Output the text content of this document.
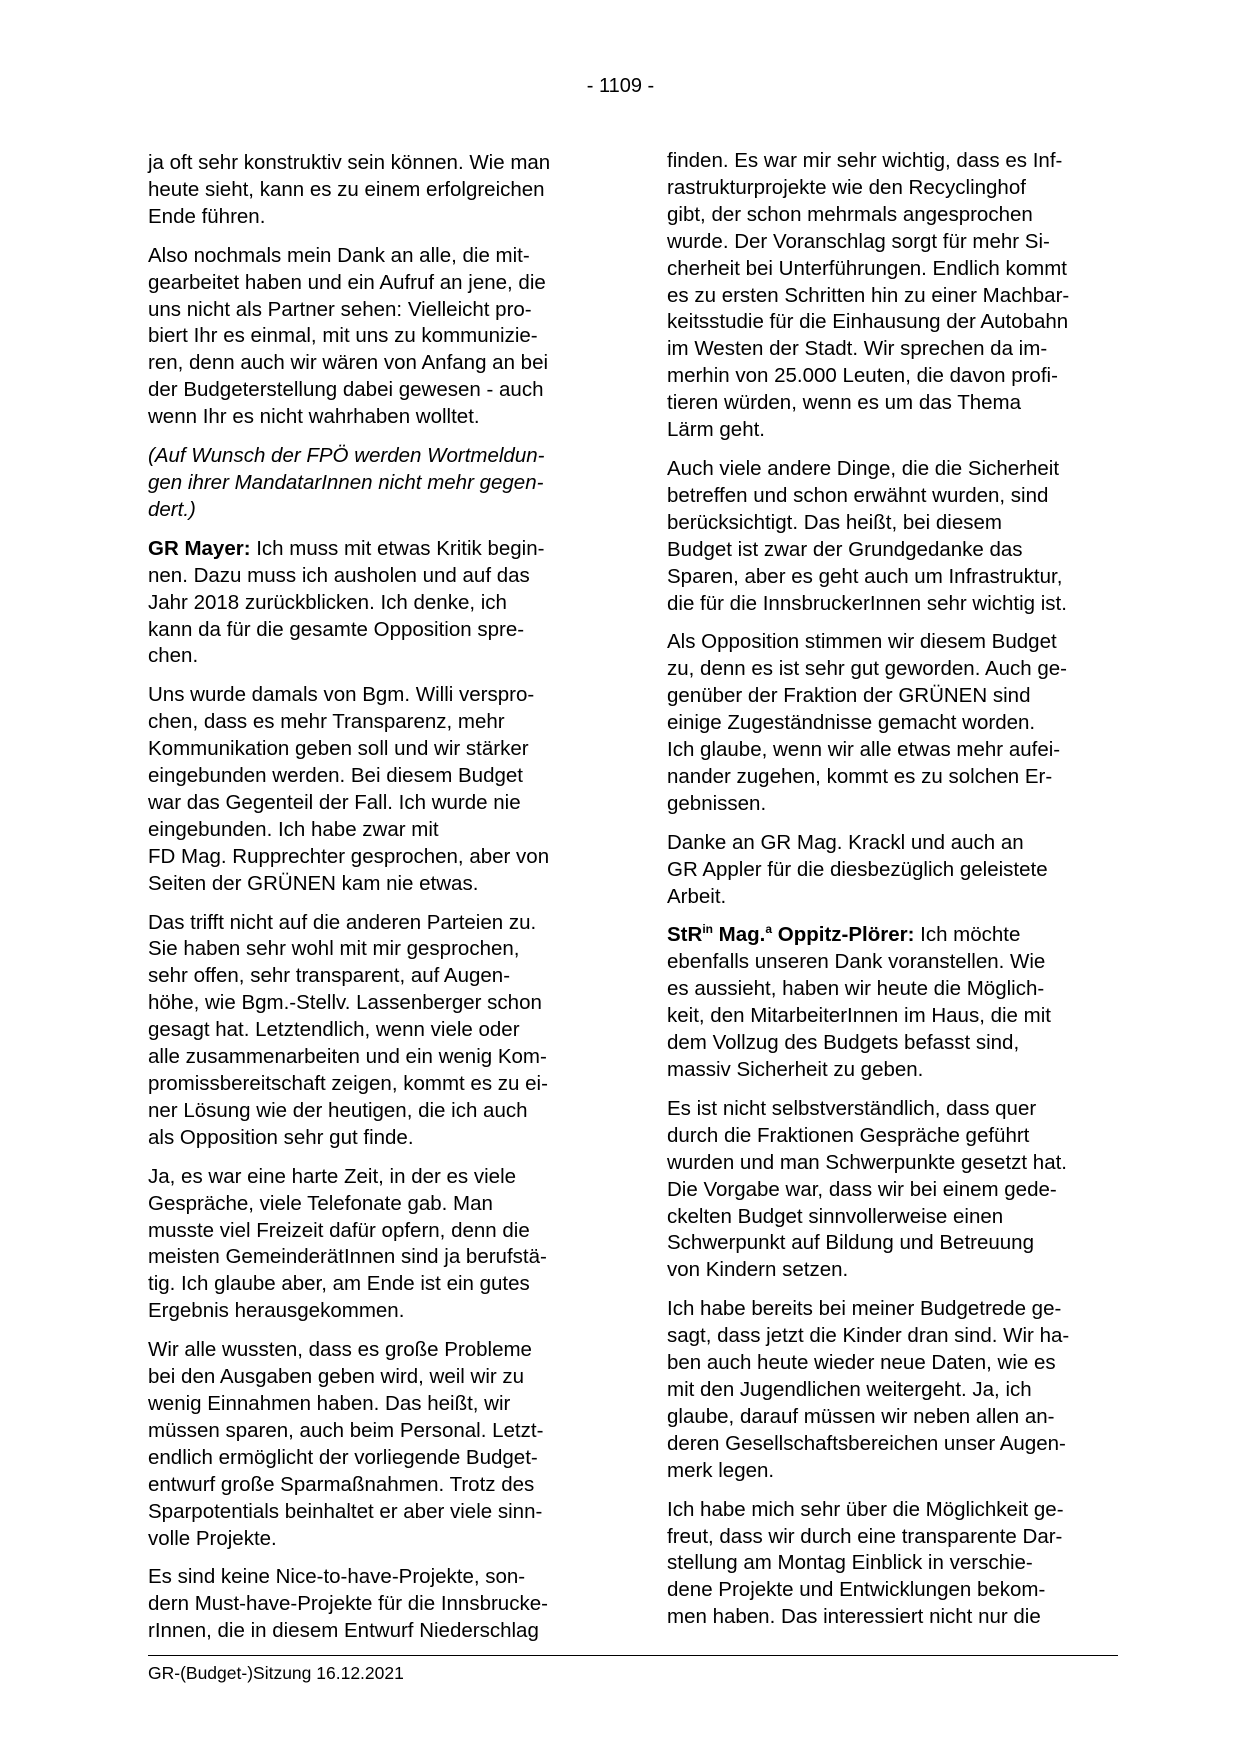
- 1109 -

ja oft sehr konstruktiv sein können. Wie man
heute sieht, kann es zu einem erfolgreichen
Ende führen.

Also nochmals mein Dank an alle, die mit-
gearbeitet haben und ein Aufruf an jene, die
uns nicht als Partner sehen: Vielleicht pro-
biert Ihr es einmal, mit uns zu kommunizie-
ren, denn auch wir wären von Anfang an bei
der Budgeterstellung dabei gewesen - auch
wenn Ihr es nicht wahrhaben wolltet.

(Auf Wunsch der FPÖ werden Wortmeldun-
gen ihrer MandatarInnen nicht mehr gegen-
dert.)

GR Mayer: Ich muss mit etwas Kritik begin-
nen. Dazu muss ich ausholen und auf das
Jahr 2018 zurückblicken. Ich denke, ich
kann da für die gesamte Opposition spre-
chen.

Uns wurde damals von Bgm. Willi verspro-
chen, dass es mehr Transparenz, mehr
Kommunikation geben soll und wir stärker
eingebunden werden. Bei diesem Budget
war das Gegenteil der Fall. Ich wurde nie
eingebunden. Ich habe zwar mit
FD Mag. Rupprechter gesprochen, aber von
Seiten der GRÜNEN kam nie etwas.

Das trifft nicht auf die anderen Parteien zu.
Sie haben sehr wohl mit mir gesprochen,
sehr offen, sehr transparent, auf Augen-
höhe, wie Bgm.-Stellv. Lassenberger schon
gesagt hat. Letztendlich, wenn viele oder
alle zusammenarbeiten und ein wenig Kom-
promissbereitschaft zeigen, kommt es zu ei-
ner Lösung wie der heutigen, die ich auch
als Opposition sehr gut finde.

Ja, es war eine harte Zeit, in der es viele
Gespräche, viele Telefonate gab. Man
musste viel Freizeit dafür opfern, denn die
meisten GemeinderätInnen sind ja berufstä-
tig. Ich glaube aber, am Ende ist ein gutes
Ergebnis herausgekommen.

Wir alle wussten, dass es große Probleme
bei den Ausgaben geben wird, weil wir zu
wenig Einnahmen haben. Das heißt, wir
müssen sparen, auch beim Personal. Letzt-
endlich ermöglicht der vorliegende Budget-
entwurf große Sparmaßnahmen. Trotz des
Sparpotentials beinhaltet er aber viele sinn-
volle Projekte.

Es sind keine Nice-to-have-Projekte, son-
dern Must-have-Projekte für die Innsbrucke-
rInnen, die in diesem Entwurf Niederschlag

finden. Es war mir sehr wichtig, dass es Inf-
rastrukturprojekte wie den Recyclinghof
gibt, der schon mehrmals angesprochen
wurde. Der Voranschlag sorgt für mehr Si-
cherheit bei Unterführungen. Endlich kommt
es zu ersten Schritten hin zu einer Machbar-
keitsstudie für die Einhausung der Autobahn
im Westen der Stadt. Wir sprechen da im-
merhin von 25.000 Leuten, die davon profi-
tieren würden, wenn es um das Thema
Lärm geht.

Auch viele andere Dinge, die die Sicherheit
betreffen und schon erwähnt wurden, sind
berücksichtigt. Das heißt, bei diesem
Budget ist zwar der Grundgedanke das
Sparen, aber es geht auch um Infrastruktur,
die für die InnsbruckerInnen sehr wichtig ist.

Als Opposition stimmen wir diesem Budget
zu, denn es ist sehr gut geworden. Auch ge-
genüber der Fraktion der GRÜNEN sind
einige Zugeständnisse gemacht worden.
Ich glaube, wenn wir alle etwas mehr aufei-
nander zugehen, kommt es zu solchen Er-
gebnissen.

Danke an GR Mag. Krackl und auch an
GR Appler für die diesbezüglich geleistete
Arbeit.

StR$^{in}$ Mag.$^a$ Oppitz-Plörer: Ich möchte
ebenfalls unseren Dank voranstellen. Wie
es aussieht, haben wir heute die Möglich-
keit, den MitarbeiterInnen im Haus, die mit
dem Vollzug des Budgets befasst sind,
massiv Sicherheit zu geben.

Es ist nicht selbstverständlich, dass quer
durch die Fraktionen Gespräche geführt
wurden und man Schwerpunkte gesetzt hat.
Die Vorgabe war, dass wir bei einem gede-
ckelten Budget sinnvollerweise einen
Schwerpunkt auf Bildung und Betreuung
von Kindern setzen.

Ich habe bereits bei meiner Budgetrede ge-
sagt, dass jetzt die Kinder dran sind. Wir ha-
ben auch heute wieder neue Daten, wie es
mit den Jugendlichen weitergeht. Ja, ich
glaube, darauf müssen wir neben allen an-
deren Gesellschaftsbereichen unser Augen-
merk legen.

Ich habe mich sehr über die Möglichkeit ge-
freut, dass wir durch eine transparente Dar-
stellung am Montag Einblick in verschie-
dene Projekte und Entwicklungen bekom-
men haben. Das interessiert nicht nur die

GR-(Budget-)Sitzung 16.12.2021
